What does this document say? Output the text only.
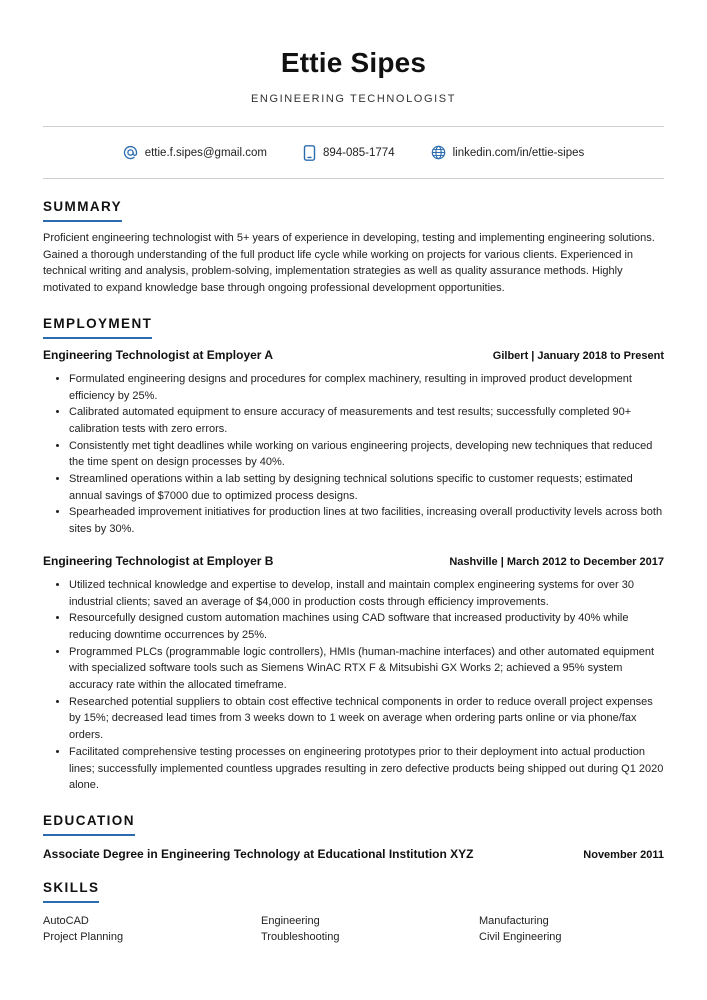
Ettie Sipes
ENGINEERING TECHNOLOGIST
ettie.f.sipes@gmail.com	894-085-1774	linkedin.com/in/ettie-sipes
SUMMARY
Proficient engineering technologist with 5+ years of experience in developing, testing and implementing engineering solutions. Gained a thorough understanding of the full product life cycle while working on projects for various clients. Experienced in technical writing and analysis, problem-solving, implementation strategies as well as quality assurance methods. Highly motivated to expand knowledge base through ongoing professional development opportunities.
EMPLOYMENT
Engineering Technologist at Employer A	Gilbert | January 2018 to Present
• Formulated engineering designs and procedures for complex machinery, resulting in improved product development efficiency by 25%.
• Calibrated automated equipment to ensure accuracy of measurements and test results; successfully completed 90+ calibration tests with zero errors.
• Consistently met tight deadlines while working on various engineering projects, developing new techniques that reduced the time spent on design processes by 40%.
• Streamlined operations within a lab setting by designing technical solutions specific to customer requests; estimated annual savings of $7000 due to optimized process designs.
• Spearheaded improvement initiatives for production lines at two facilities, increasing overall productivity levels across both sites by 30%.
Engineering Technologist at Employer B	Nashville | March 2012 to December 2017
• Utilized technical knowledge and expertise to develop, install and maintain complex engineering systems for over 30 industrial clients; saved an average of $4,000 in production costs through efficiency improvements.
• Resourcefully designed custom automation machines using CAD software that increased productivity by 40% while reducing downtime occurrences by 25%.
• Programmed PLCs (programmable logic controllers), HMIs (human-machine interfaces) and other automated equipment with specialized software tools such as Siemens WinAC RTX F & Mitsubishi GX Works 2; achieved a 95% system accuracy rate within the allocated timeframe.
• Researched potential suppliers to obtain cost effective technical components in order to reduce overall project expenses by 15%; decreased lead times from 3 weeks down to 1 week on average when ordering parts online or via phone/fax orders.
• Facilitated comprehensive testing processes on engineering prototypes prior to their deployment into actual production lines; successfully implemented countless upgrades resulting in zero defective products being shipped out during Q1 2020 alone.
EDUCATION
Associate Degree in Engineering Technology at Educational Institution XYZ	November 2011
SKILLS
AutoCAD	Engineering	Manufacturing
Project Planning	Troubleshooting	Civil Engineering
